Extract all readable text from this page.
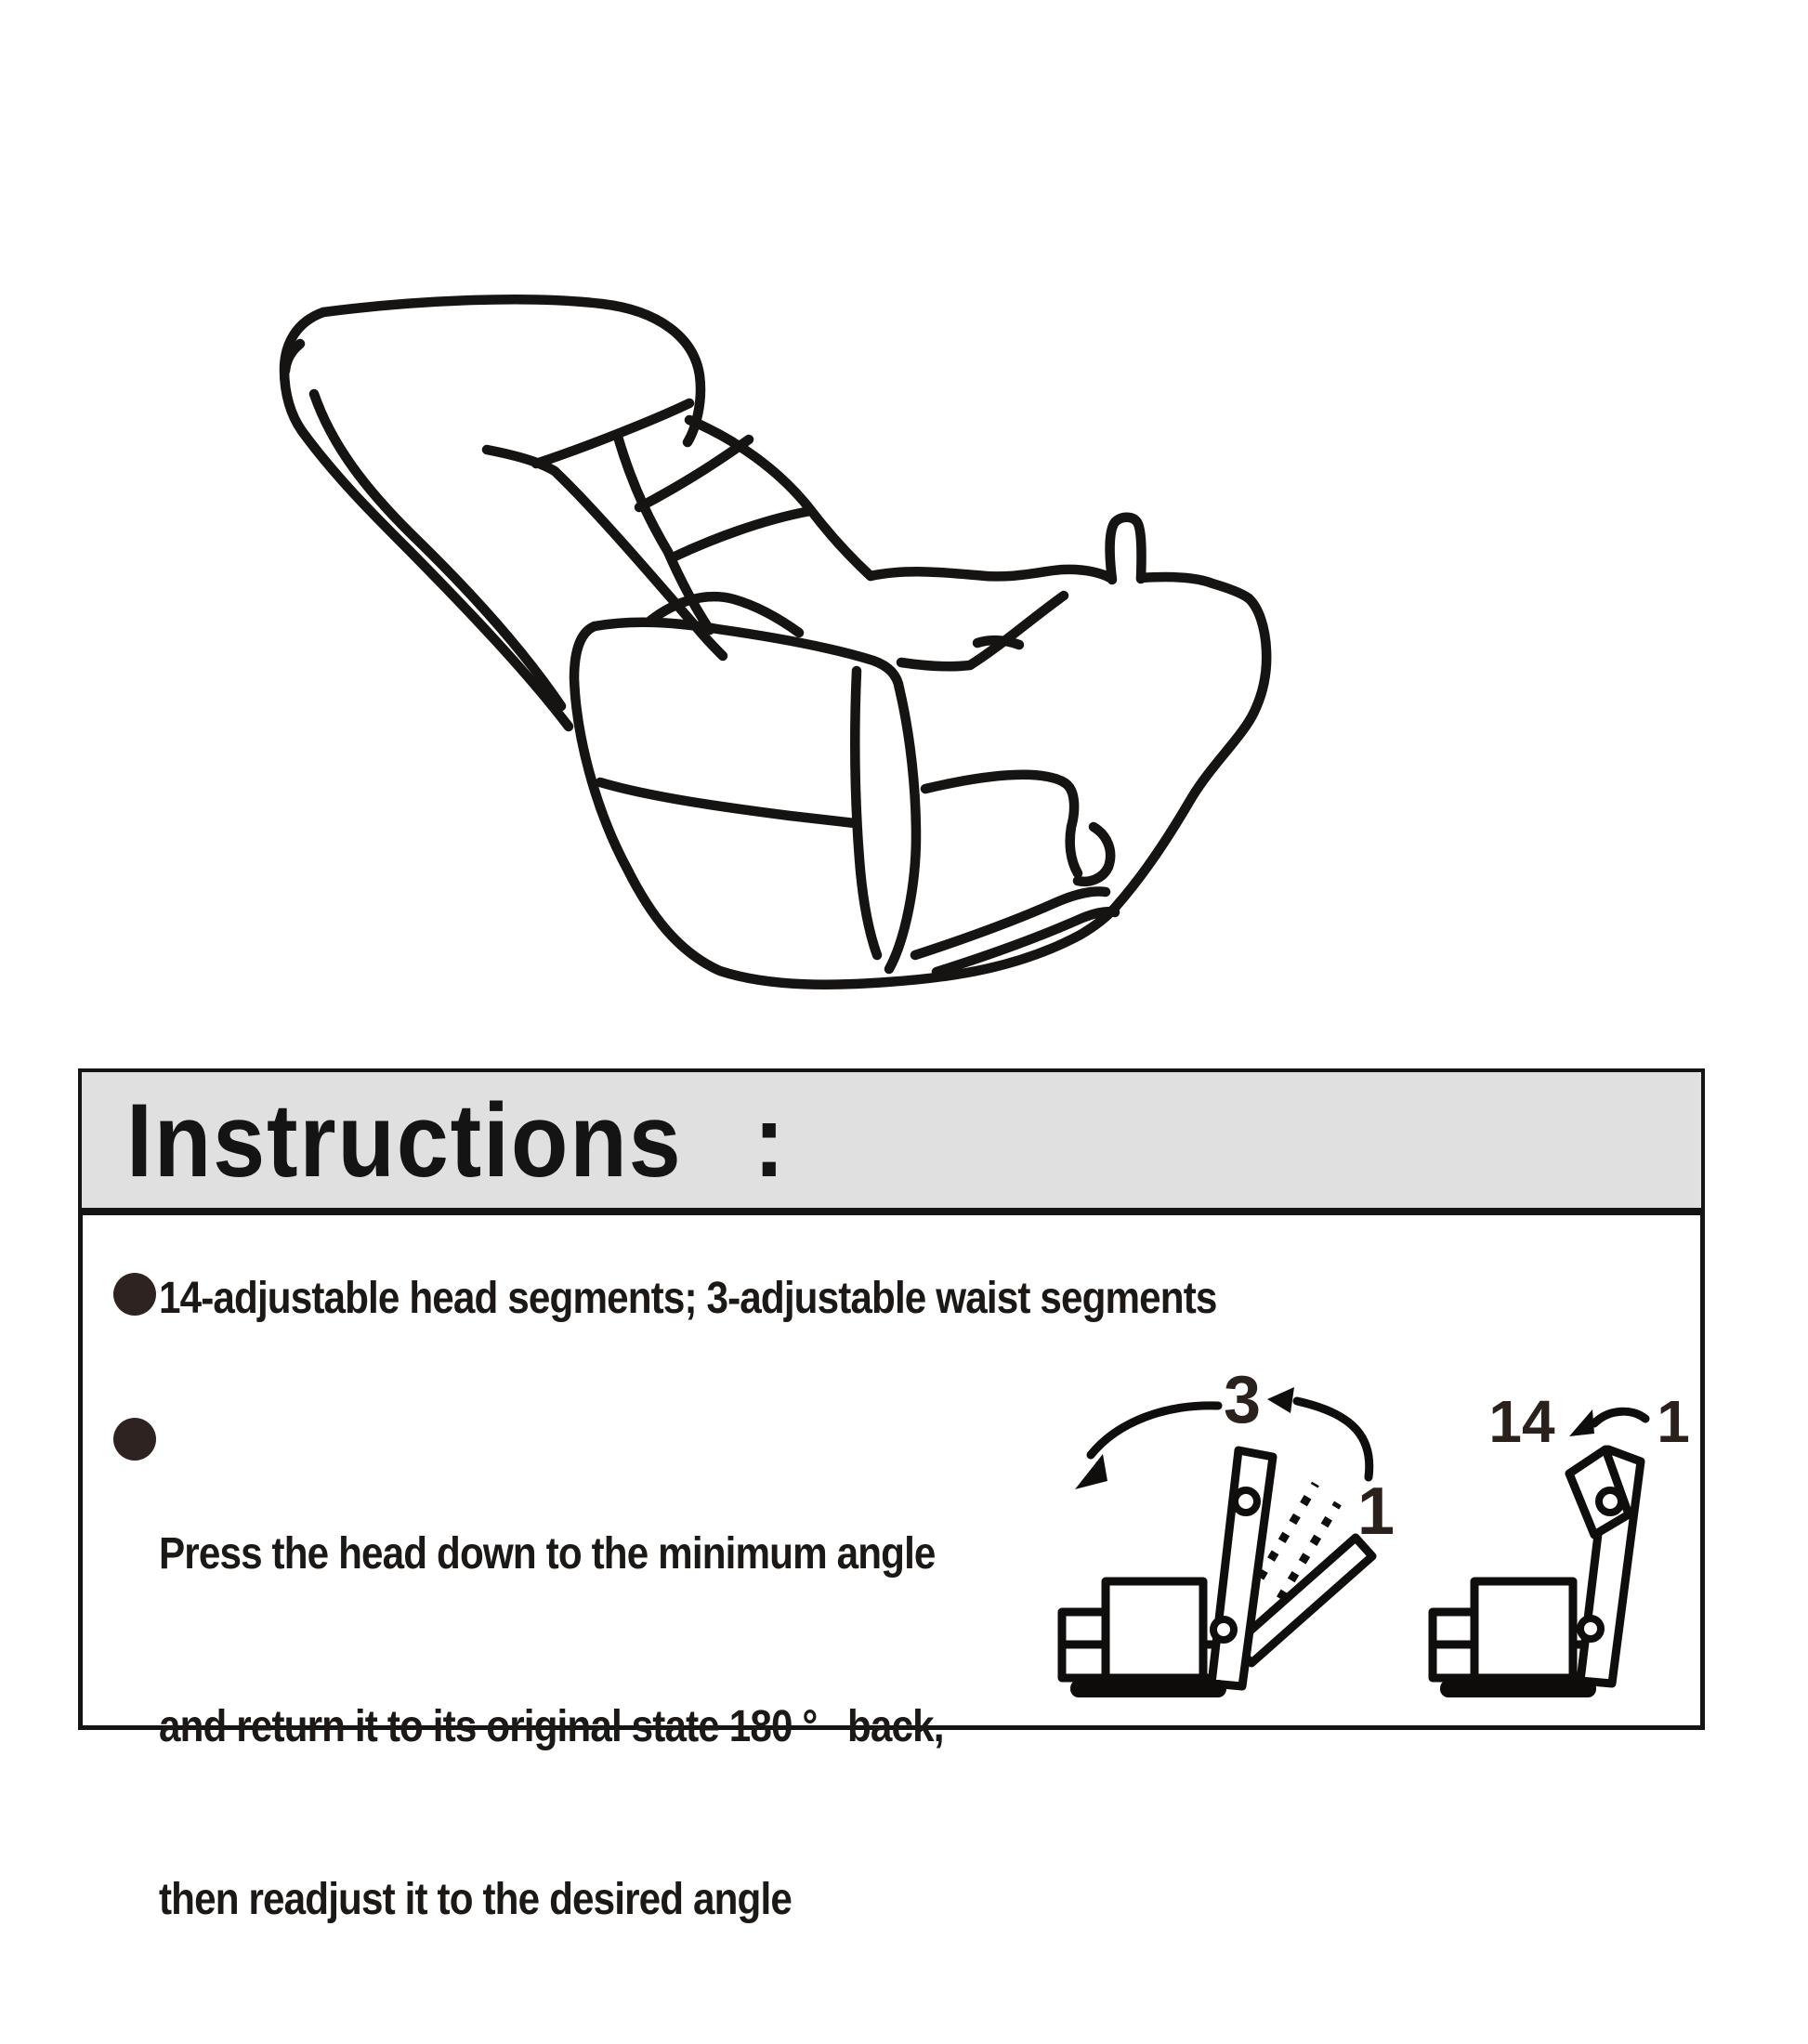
Instructions :
14-adjustable head segments; 3-adjustable waist segments

Press the head down to the minimum angle

and return it to its original state 180 °   back,

then readjust it to the desired angle

3
1
14 1
